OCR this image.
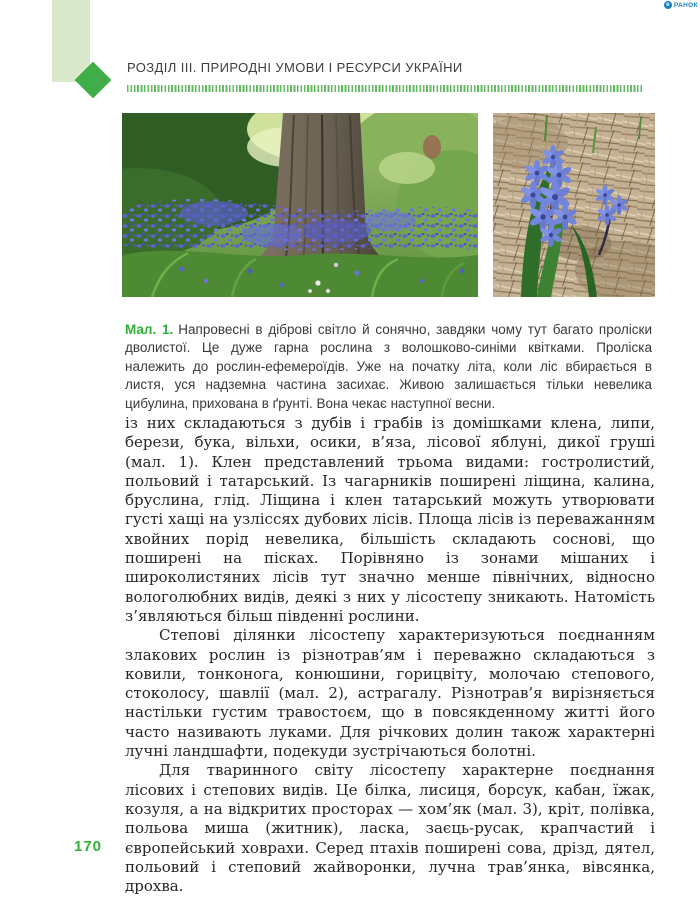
е РАНОК
РОЗДІЛ III. ПРИРОДНІ УМОВИ І РЕСУРСИ УКРАЇНИ

Мал. 1. Напровесні в діброві світло й сонячно, завдяки чому тут багато проліски дволистої. Це дуже гарна рослина з волошково-синіми квітками. Проліска належить до рослин-ефемероїдів. Уже на початку літа, коли ліс вбирається в листя, уся надземна частина засихає. Живою залишається тільки невелика цибулина, прихована в ґрунті. Вона чекає наступної весни.

із них складаються з дубів і грабів із домішками клена, липи, берези, бука, вільхи, осики, в’яза, лісової яблуні, дикої груші (мал. 1). Клен представлений трьома видами: гостролистий, польовий і татарський. Із чагарників поширені ліщина, калина, бруслина, глід. Ліщина і клен татарський можуть утворювати густі хащі на узліссях дубових лісів. Площа лісів із переважанням хвойних порід невелика, більшість складають соснові, що поширені на пісках. Порівняно із зонами мішаних і широколистяних лісів тут значно менше північних, відносно вологолюбних видів, деякі з них у лісостепу зникають. Натомість з’являються більш південні рослини.

Степові ділянки лісостепу характеризуються поєднанням злакових рослин із різнотрав’ям і переважно складаються з ковили, тонконога, конюшини, горицвіту, молочаю степового, стоколосу, шавлії (мал. 2), астрагалу. Різнотрав’я вирізняється настільки густим травостоєм, що в повсякденному житті його часто називають луками. Для річкових долин також характерні лучні ландшафти, подекуди зустрічаються болотні.

Для тваринного світу лісостепу характерне поєднання лісових і степових видів. Це білка, лисиця, борсук, кабан, їжак, козуля, а на відкритих просторах — хом’як (мал. 3), кріт, полівка, польова миша (житник), ласка, заєць-русак, крапчастий і європейський ховрахи. Серед птахів поширені сова, дрізд, дятел, польовий і степовий жайворонки, лучна трав’янка, вівсянка, дрохва.

170
